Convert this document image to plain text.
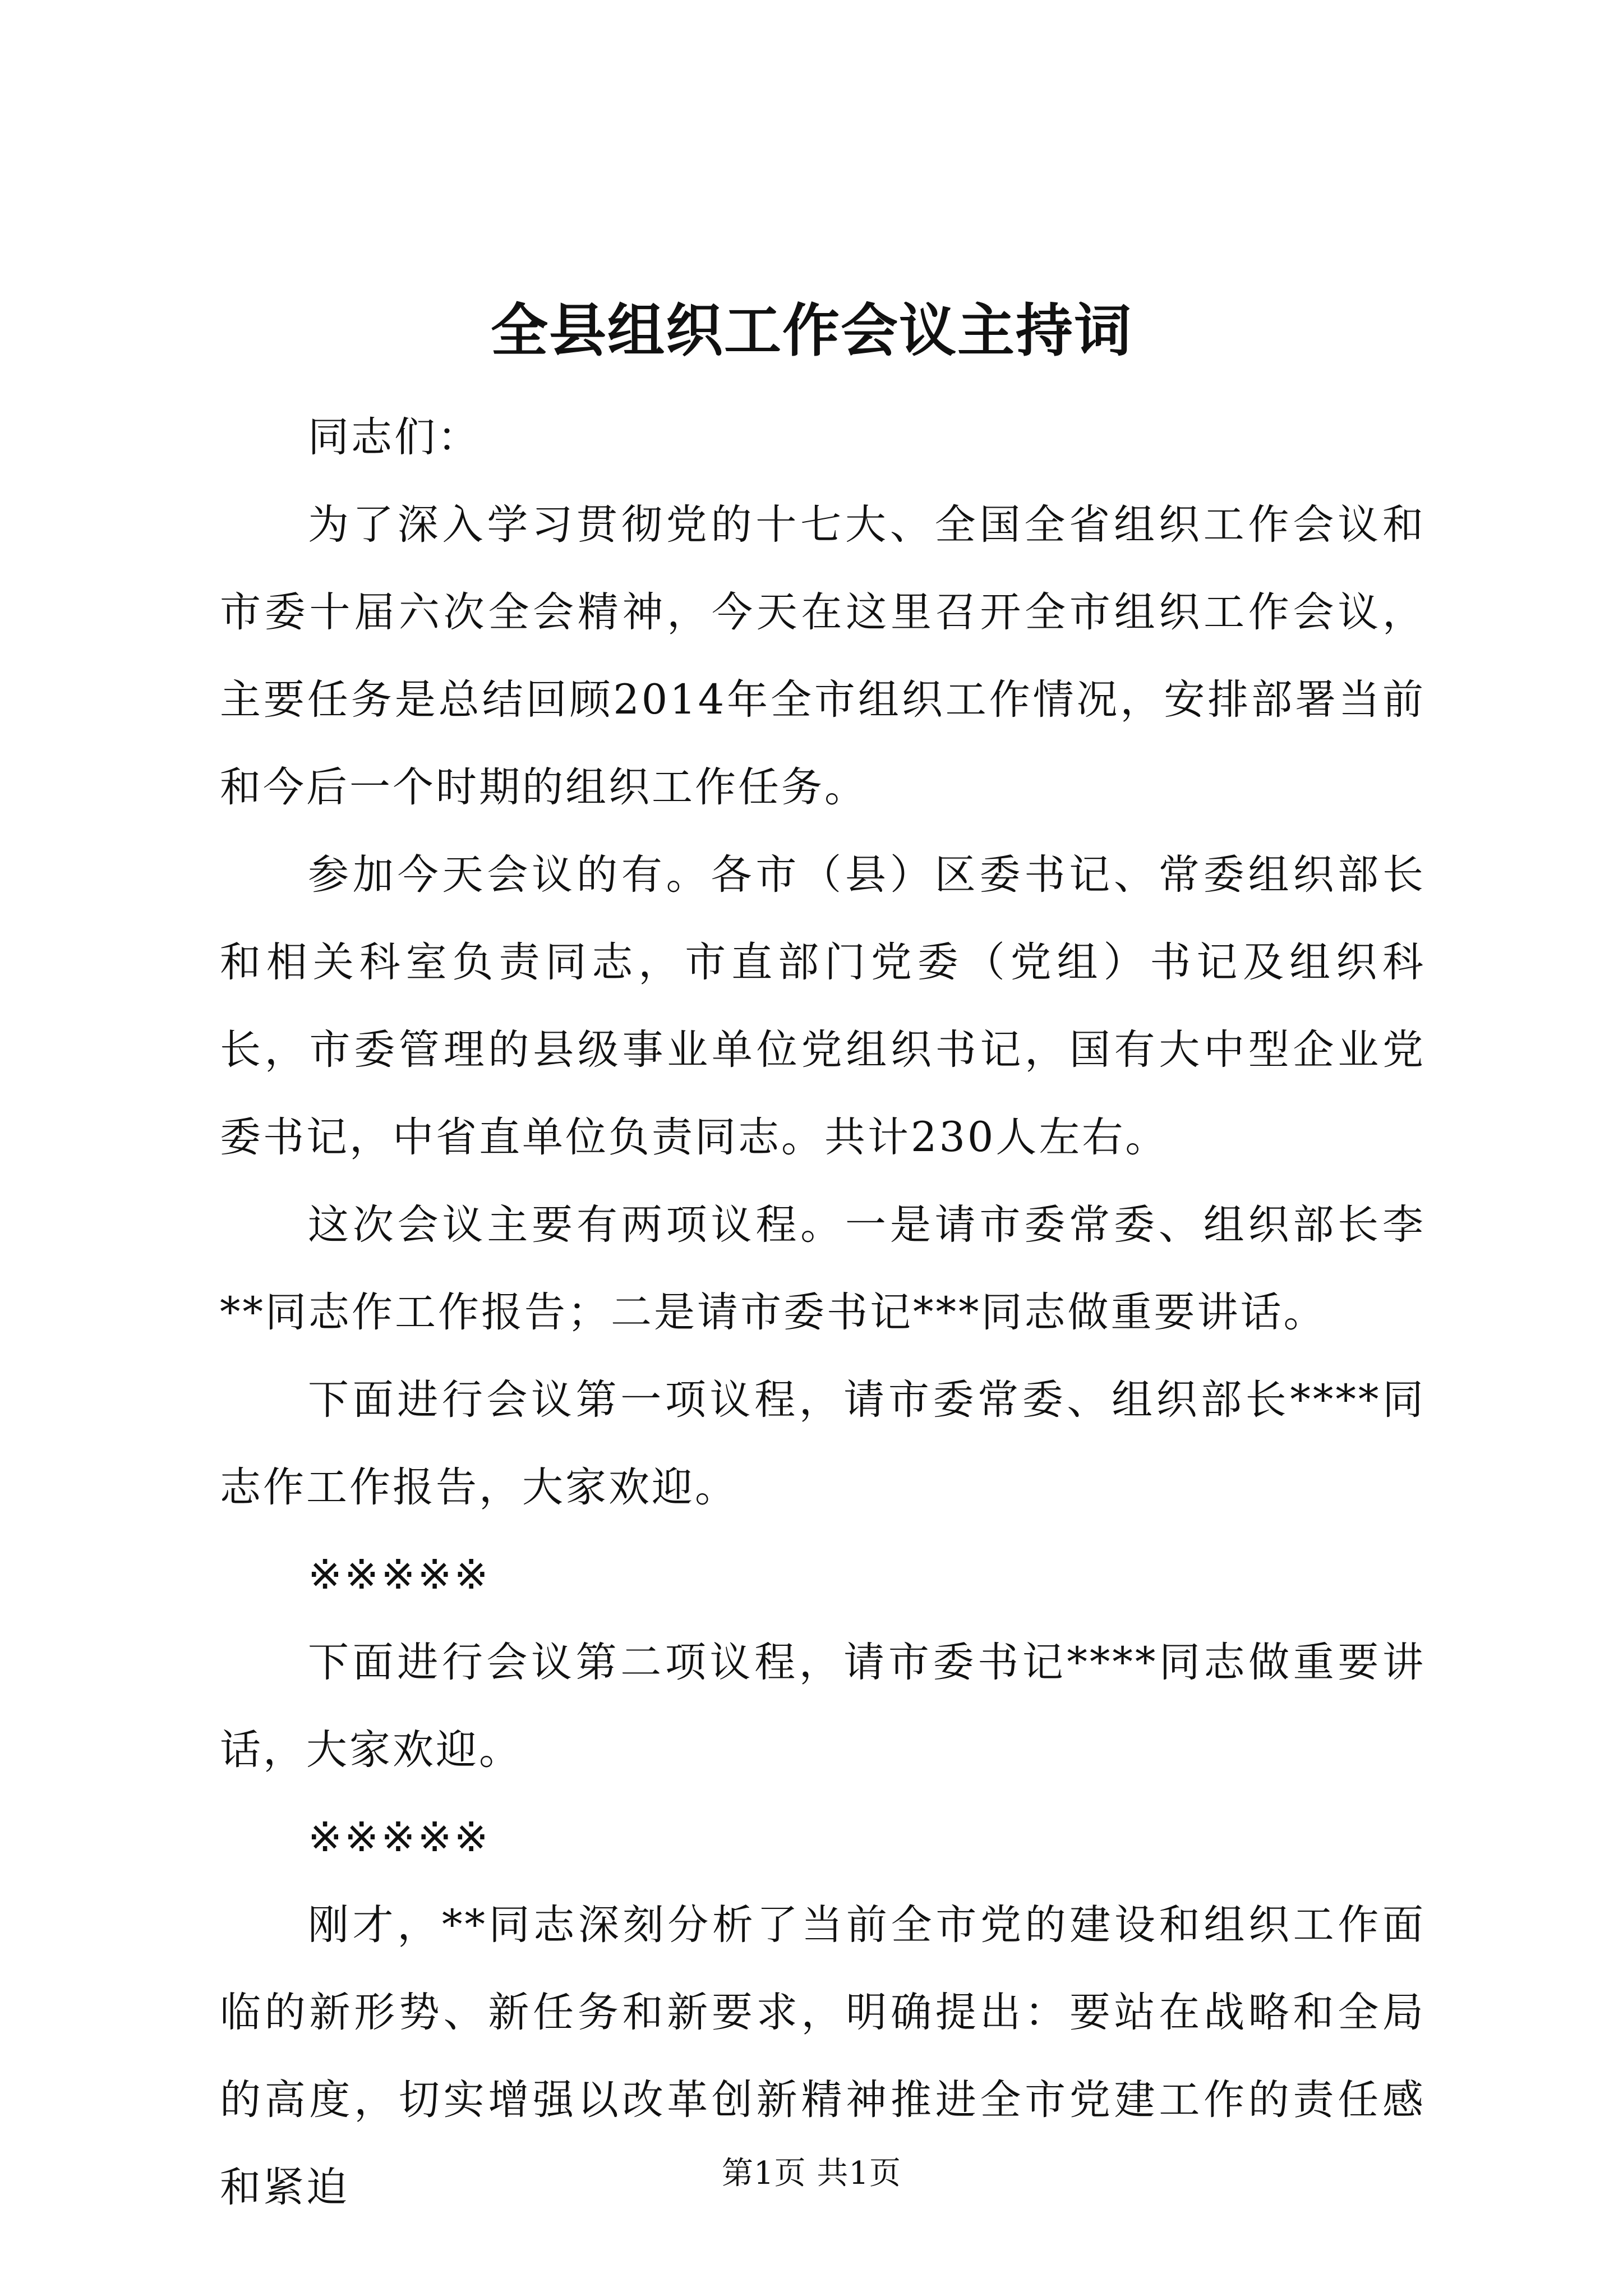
全县组织工作会议主持词

同志们：

为了深入学习贯彻党的十七大、全国全省组织工作会议和市委十届六次全会精神，今天在这里召开全市组织工作会议，主要任务是总结回顾2014年全市组织工作情况，安排部署当前和今后一个时期的组织工作任务。

参加今天会议的有。各市（县）区委书记、常委组织部长和相关科室负责同志，市直部门党委（党组）书记及组织科长，市委管理的县级事业单位党组织书记，国有大中型企业党委书记，中省直单位负责同志。共计230人左右。

这次会议主要有两项议程。一是请市委常委、组织部长李**同志作工作报告；二是请市委书记***同志做重要讲话。

下面进行会议第一项议程，请市委常委、组织部长****同志作工作报告，大家欢迎。

※※※※※

下面进行会议第二项议程，请市委书记****同志做重要讲话，大家欢迎。

※※※※※

刚才，**同志深刻分析了当前全市党的建设和组织工作面临的新形势、新任务和新要求，明确提出：要站在战略和全局的高度，切实增强以改革创新精神推进全市党建工作的责任感和紧迫	第1页 共1页
